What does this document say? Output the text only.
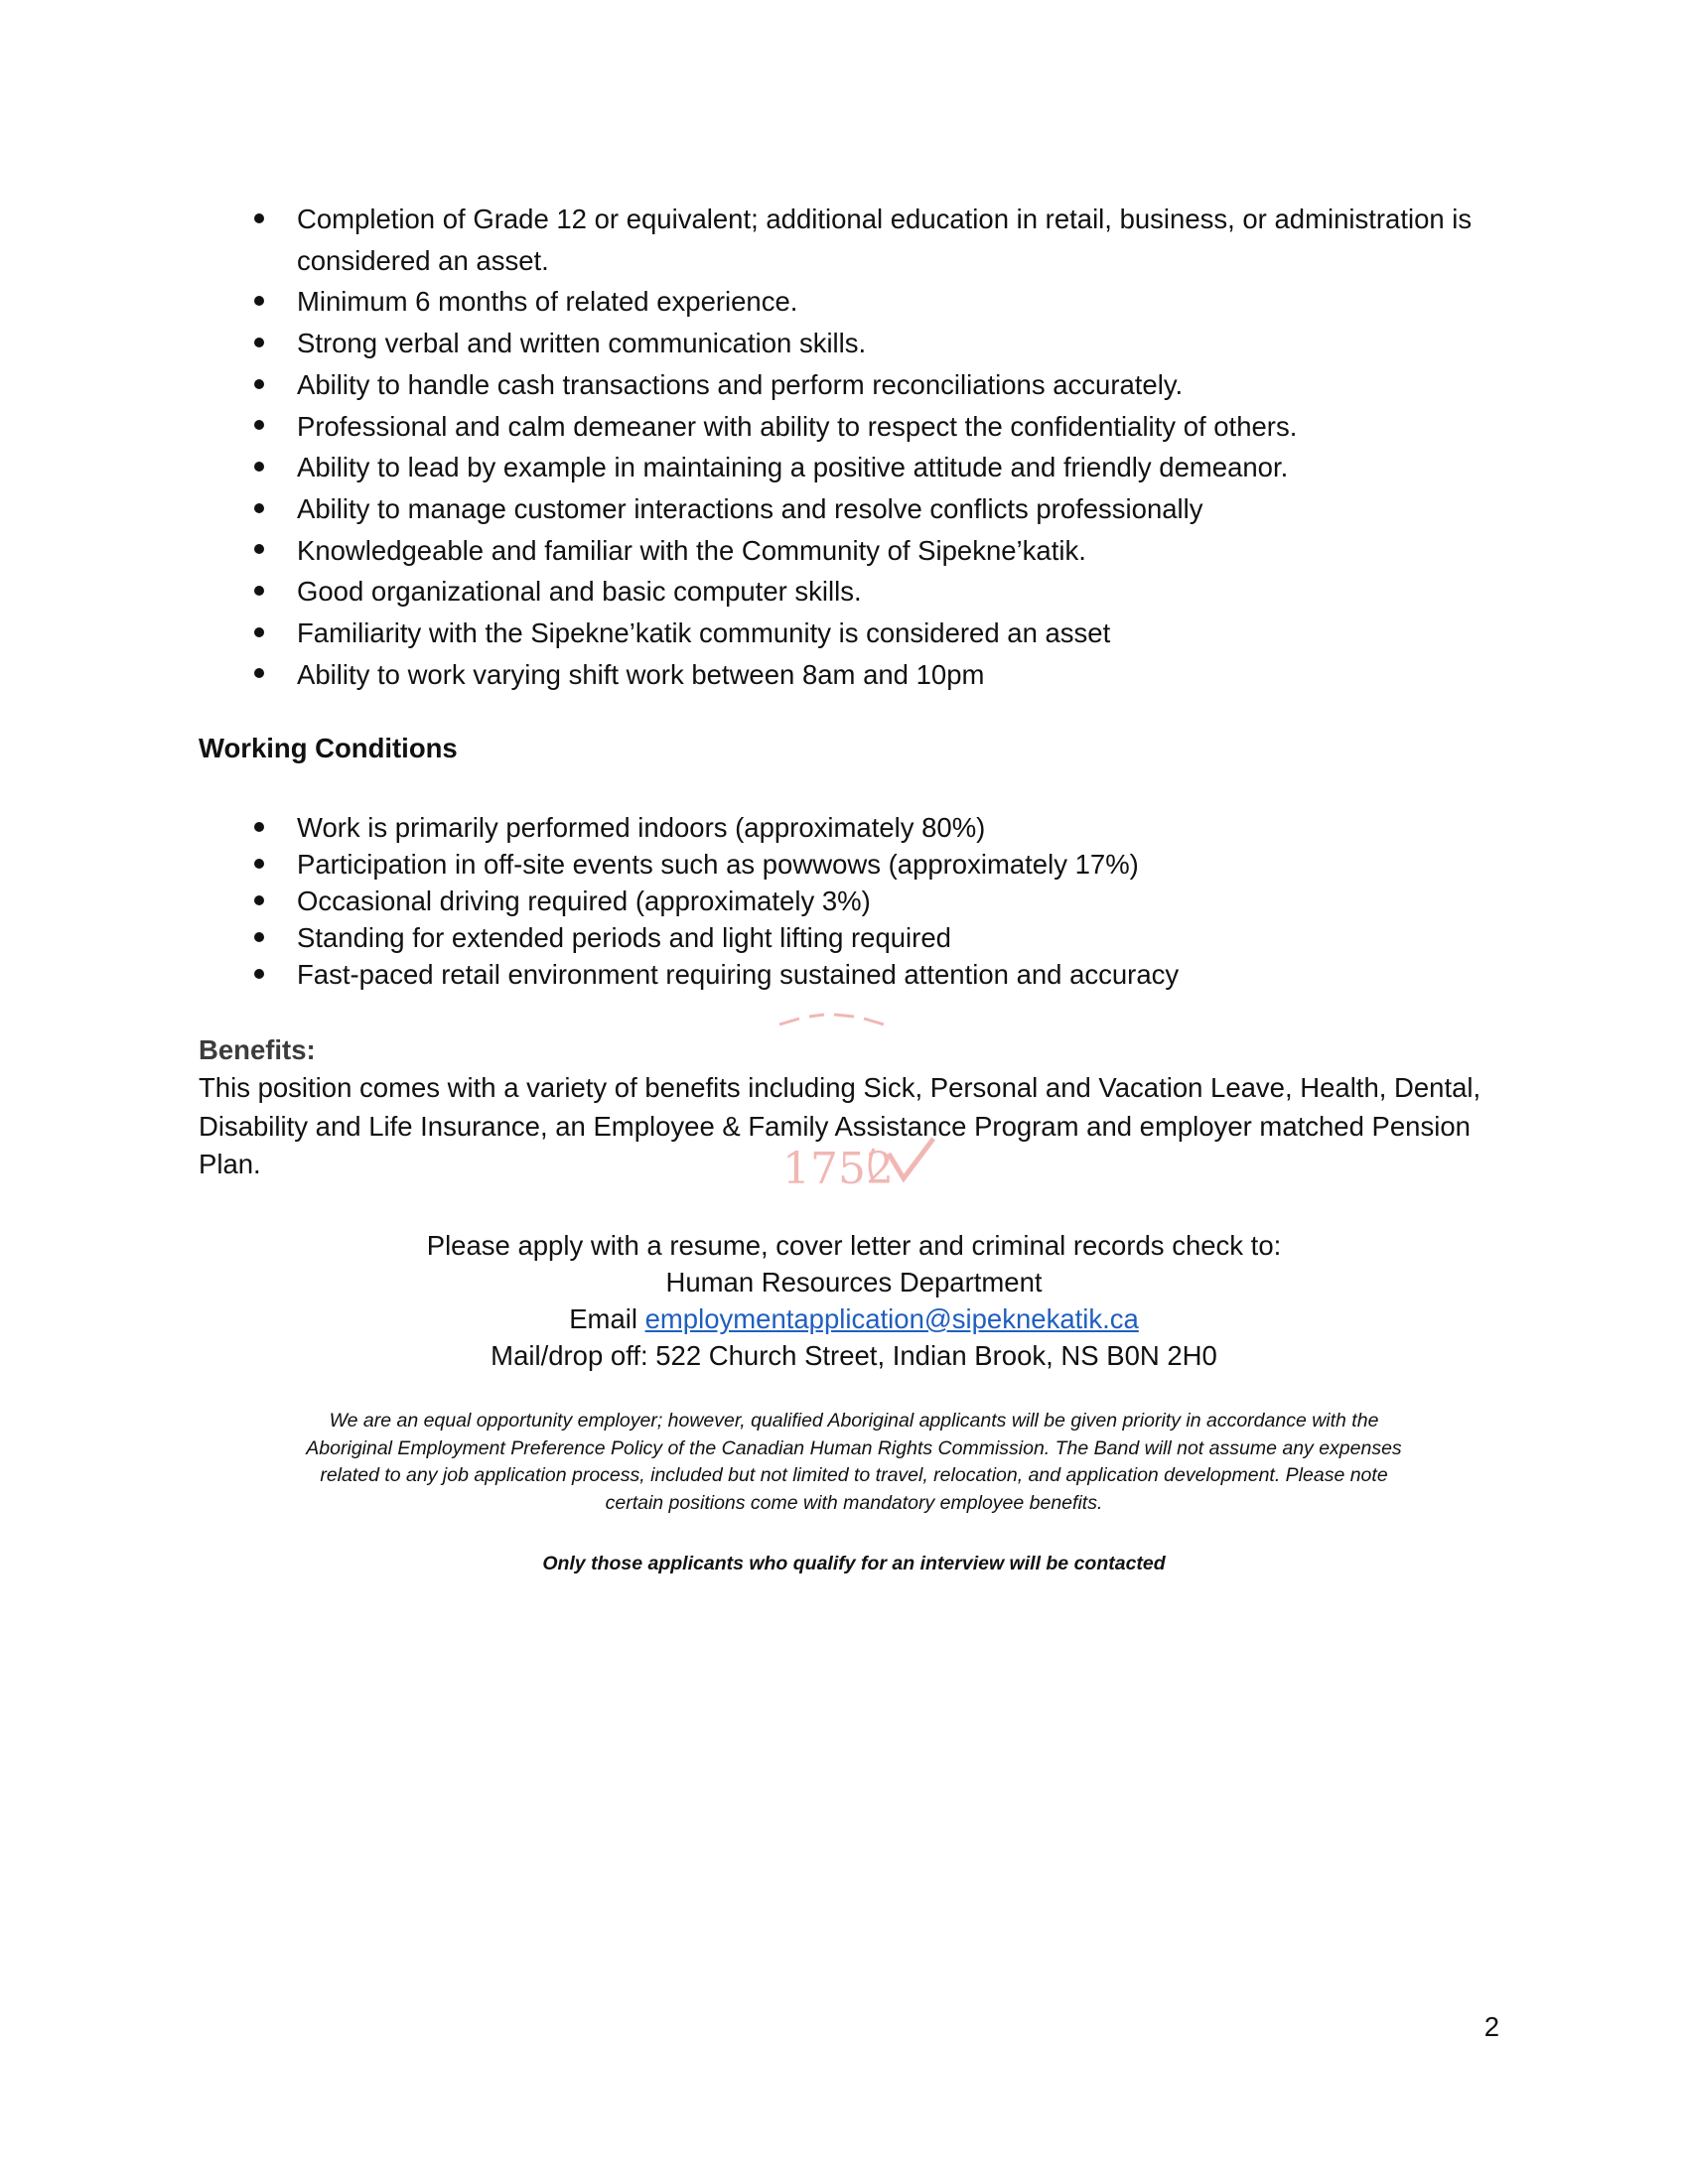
Completion of Grade 12 or equivalent; additional education in retail, business, or administration is considered an asset.
Minimum 6 months of related experience.
Strong verbal and written communication skills.
Ability to handle cash transactions and perform reconciliations accurately.
Professional and calm demeaner with ability to respect the confidentiality of others.
Ability to lead by example in maintaining a positive attitude and friendly demeanor.
Ability to manage customer interactions and resolve conflicts professionally
Knowledgeable and familiar with the Community of Sipekne’katik.
Good organizational and basic computer skills.
Familiarity with the Sipekne’katik community is considered an asset
Ability to work varying shift work between 8am and 10pm
Working Conditions
Work is primarily performed indoors (approximately 80%)
Participation in off-site events such as powwows (approximately 17%)
Occasional driving required (approximately 3%)
Standing for extended periods and light lifting required
Fast-paced retail environment requiring sustained attention and accuracy
1752
Benefits:

This position comes with a variety of benefits including Sick, Personal and Vacation Leave, Health, Dental, Disability and Life Insurance, an Employee & Family Assistance Program and employer matched Pension Plan.

Please apply with a resume, cover letter and criminal records check to:
Human Resources Department
Email employmentapplication@sipeknekatik.ca
Mail/drop off: 522 Church Street, Indian Brook, NS B0N 2H0

We are an equal opportunity employer; however, qualified Aboriginal applicants will be given priority in accordance with the Aboriginal Employment Preference Policy of the Canadian Human Rights Commission. The Band will not assume any expenses related to any job application process, included but not limited to travel, relocation, and application development. Please note certain positions come with mandatory employee benefits.

Only those applicants who qualify for an interview will be contacted

2
